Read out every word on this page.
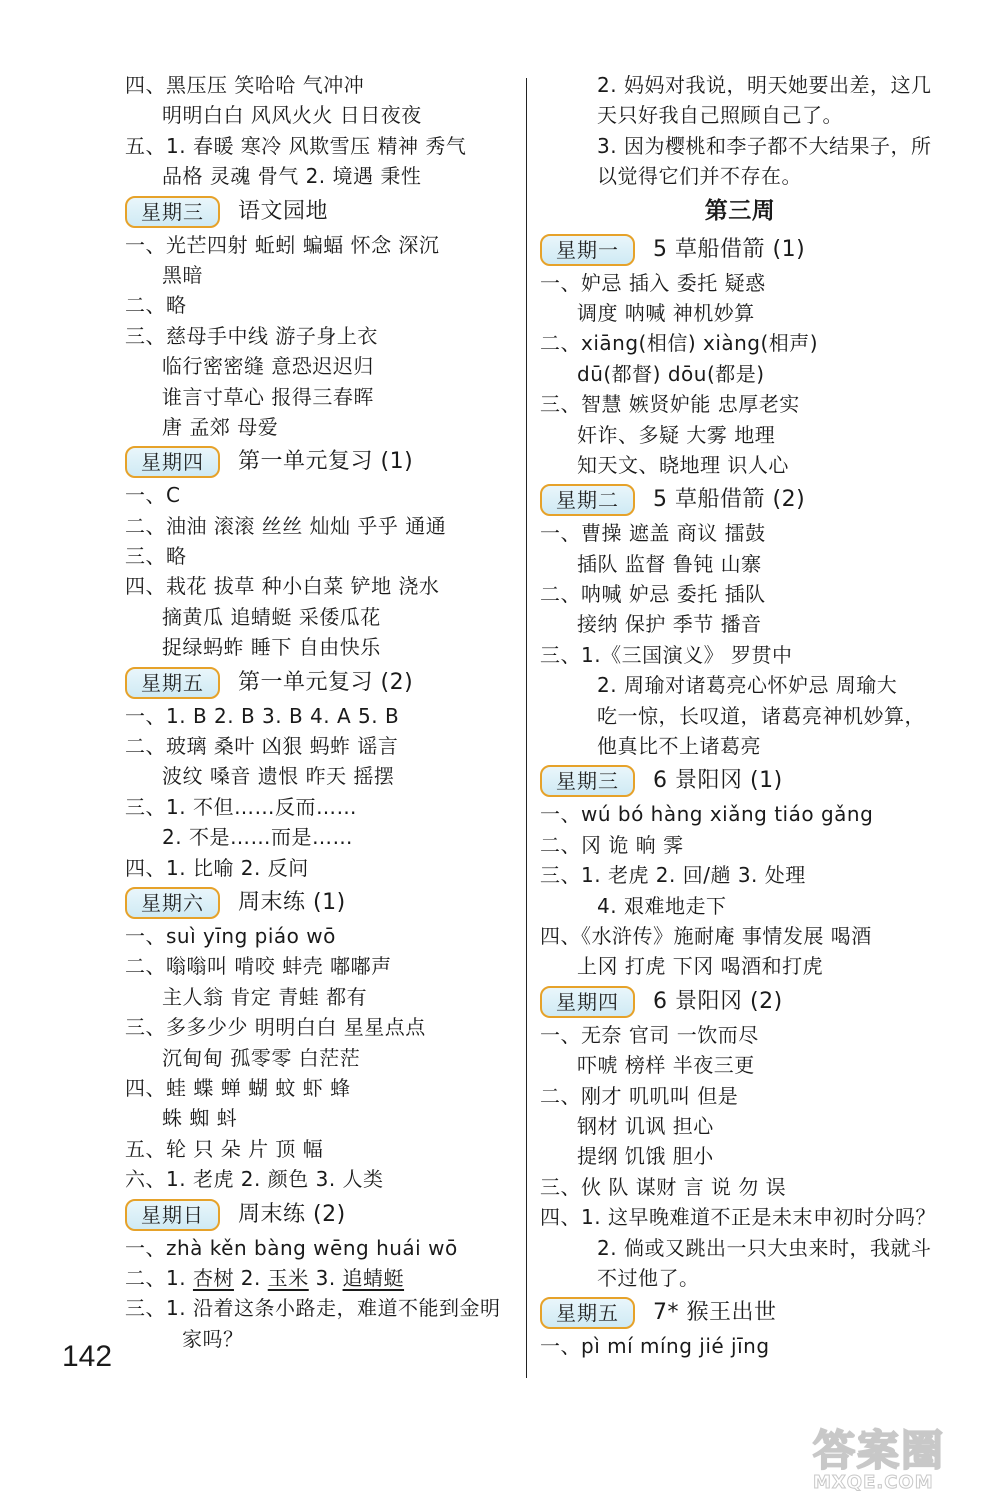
四、黑压压 笑哈哈 气冲冲
明明白白 风风火火 日日夜夜
五、1. 春暖 寒冷 风欺雪压 精神 秀气
品格 灵魂 骨气 2. 境遇 秉性
星期三	语文园地
一、光芒四射 蚯蚓 蝙蝠 怀念 深沉
黑暗
二、略
三、慈母手中线 游子身上衣
临行密密缝 意恐迟迟归
谁言寸草心 报得三春晖
唐 孟郊 母爱
星期四	第一单元复习 (1)
一、C
二、油油 滚滚 丝丝 灿灿 乎乎 通通
三、略
四、栽花 拔草 种小白菜 铲地 浇水
摘黄瓜 追蜻蜓 采倭瓜花
捉绿蚂蚱 睡下 自由快乐
星期五	第一单元复习 (2)
一、1. B 2. B 3. B 4. A 5. B
二、玻璃 桑叶 凶狠 蚂蚱 谣言
波纹 嗓音 遗恨 昨天 摇摆
三、1. 不但……反而……
2. 不是……而是……
四、1. 比喻 2. 反问
星期六	周末练 (1)
一、suì yīng piáo wō
二、嗡嗡叫 啃咬 蚌壳 嘟嘟声
主人翁 肯定 青蛙 都有
三、多多少少 明明白白 星星点点
沉甸甸 孤零零 白茫茫
四、蛙 蝶 蝉 蝴 蚊 虾 蜂
蛛 蜘 蚪
五、轮 只 朵 片 顶 幅
六、1. 老虎 2. 颜色 3. 人类
星期日	周末练 (2)
一、zhà kěn bàng wēng huái wō
二、1. 杏树 2. 玉米 3. 追蜻蜓
三、1. 沿着这条小路走，难道不能到金明
家吗？
2. 妈妈对我说，明天她要出差，这几
天只好我自己照顾自己了。
3. 因为樱桃和李子都不大结果子，所
以觉得它们并不存在。
第三周
星期一	5 草船借箭 (1)
一、妒忌 插入 委托 疑惑
调度 呐喊 神机妙算
二、xiāng(相信) xiàng(相声)
dū(都督) dōu(都是)
三、智慧 嫉贤妒能 忠厚老实
奸诈、多疑 大雾 地理
知天文、晓地理 识人心
星期二	5 草船借箭 (2)
一、曹操 遮盖 商议 擂鼓
插队 监督 鲁钝 山寨
二、呐喊 妒忌 委托 插队
接纳 保护 季节 播音
三、1.《三国演义》 罗贯中
2. 周瑜对诸葛亮心怀妒忌 周瑜大
吃一惊，长叹道，诸葛亮神机妙算，
他真比不上诸葛亮
星期三	6 景阳冈 (1)
一、wú bó hàng xiǎng tiáo gǎng
二、冈 诡 晌 霁
三、1. 老虎 2. 回/趟 3. 处理
4. 艰难地走下
四、《水浒传》施耐庵 事情发展 喝酒
上冈 打虎 下冈 喝酒和打虎
星期四	6 景阳冈 (2)
一、无奈 官司 一饮而尽
吓唬 榜样 半夜三更
二、刚才 叽叽叫 但是
钢材 讥讽 担心
提纲 饥饿 胆小
三、伙 队 谋财 言 说 勿 误
四、1. 这早晚难道不正是未末申初时分吗？
2. 倘或又跳出一只大虫来时，我就斗
不过他了。
星期五	7* 猴王出世
一、pì mí míng jié jīng
142
答案圈
MXQE.COM
